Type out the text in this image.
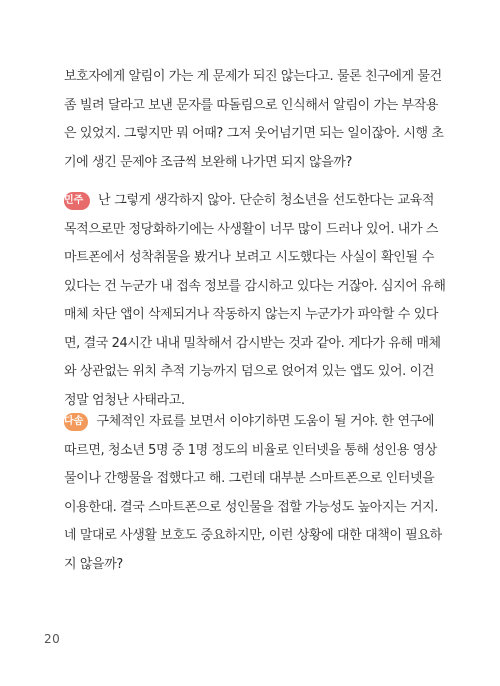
보호자에게 알림이 가는 게 문제가 되진 않는다고. 물론 친구에게 물건
좀 빌려 달라고 보낸 문자를 따돌림으로 인식해서 알림이 가는 부작용
은 있었지. 그렇지만 뭐 어때? 그저 웃어넘기면 되는 일이잖아. 시행 초
기에 생긴 문제야 조금씩 보완해 나가면 되지 않을까?
민주	난 그렇게 생각하지 않아. 단순히 청소년을 선도한다는 교육적
목적으로만 정당화하기에는 사생활이 너무 많이 드러나 있어. 내가 스
마트폰에서 성착취물을 봤거나 보려고 시도했다는 사실이 확인될 수
있다는 건 누군가 내 접속 정보를 감시하고 있다는 거잖아. 심지어 유해
매체 차단 앱이 삭제되거나 작동하지 않는지 누군가가 파악할 수 있다
면, 결국 24시간 내내 밀착해서 감시받는 것과 같아. 게다가 유해 매체
와 상관없는 위치 추적 기능까지 덤으로 얹어져 있는 앱도 있어. 이건
정말 엄청난 사태라고.
다솜	구체적인 자료를 보면서 이야기하면 도움이 될 거야. 한 연구에
따르면, 청소년 5명 중 1명 정도의 비율로 인터넷을 통해 성인용 영상
물이나 간행물을 접했다고 해. 그런데 대부분 스마트폰으로 인터넷을
이용한대. 결국 스마트폰으로 성인물을 접할 가능성도 높아지는 거지.
네 말대로 사생활 보호도 중요하지만, 이런 상황에 대한 대책이 필요하
지 않을까?
20
